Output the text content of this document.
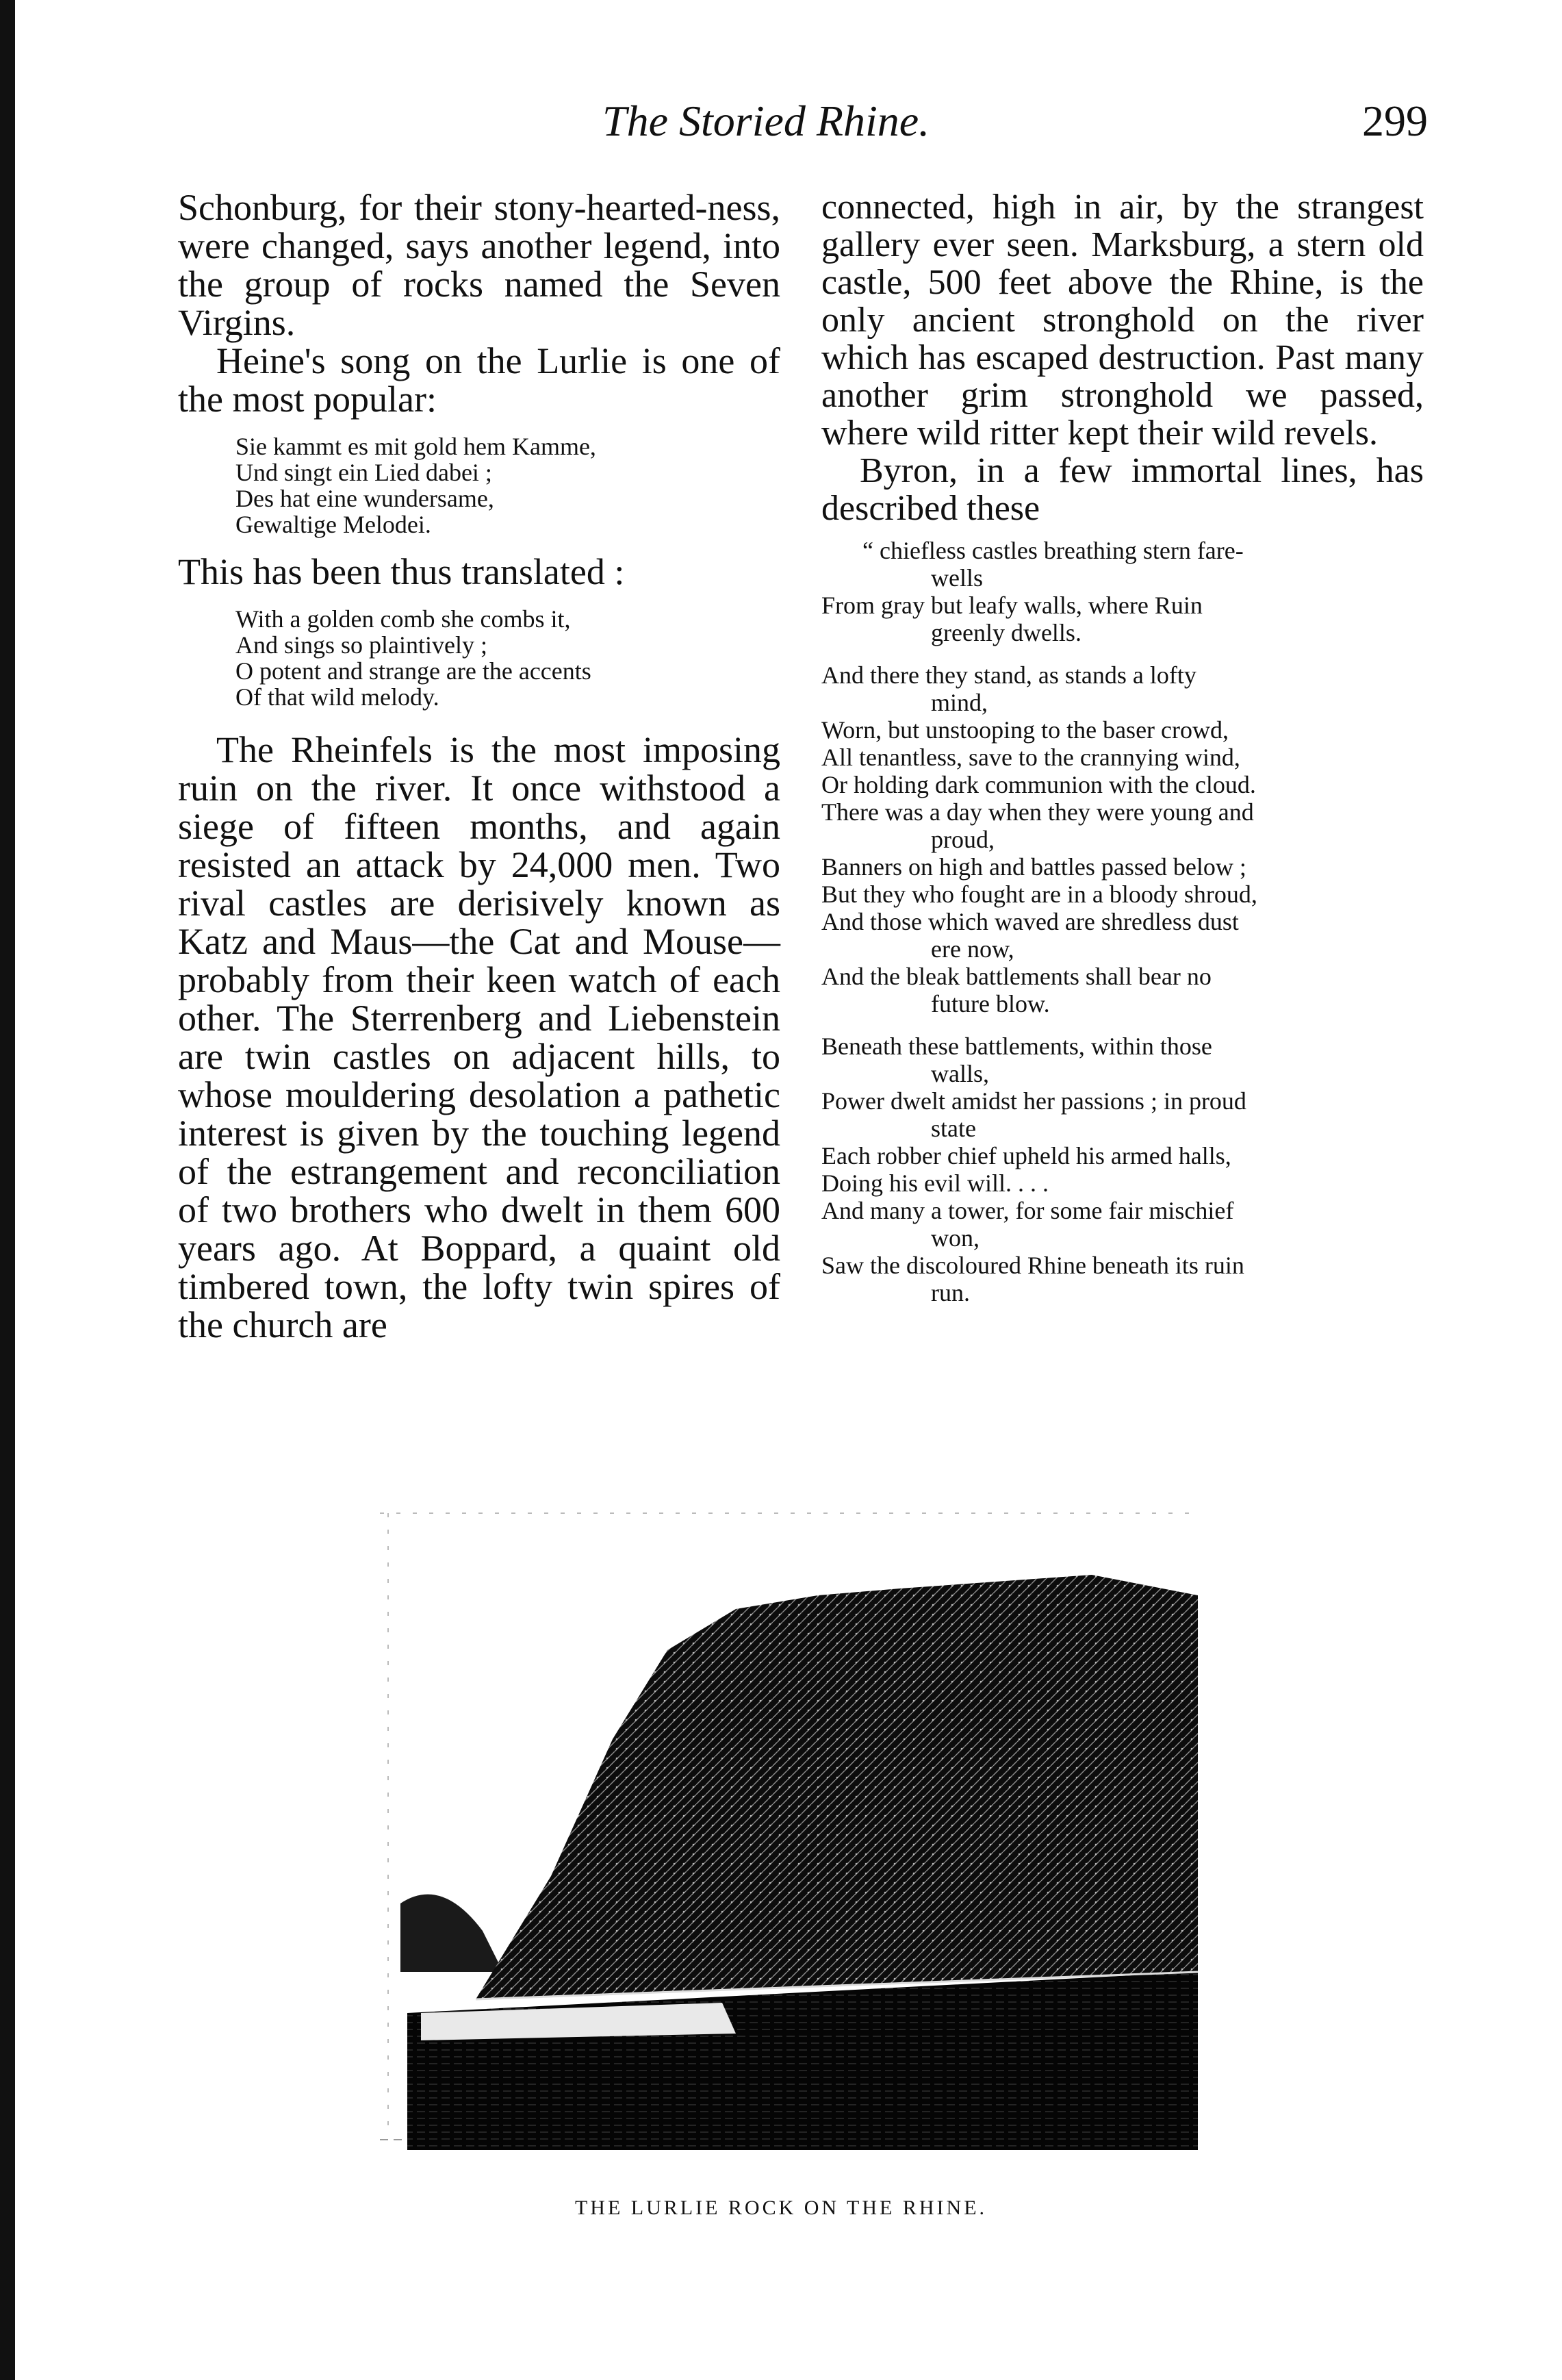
The Storied Rhine.	299

Schonburg, for their stony-hearted-ness, were changed, says another legend, into the group of rocks named the Seven Virgins.

Heine's song on the Lurlie is one of the most popular:

Sie kammt es mit gold hem Kamme,
Und singt ein Lied dabei ;
Des hat eine wundersame,
Gewaltige Melodei.

This has been thus translated :

With a golden comb she combs it,
And sings so plaintively ;
O potent and strange are the accents
Of that wild melody.

The Rheinfels is the most imposing ruin on the river. It once withstood a siege of fifteen months, and again resisted an attack by 24,000 men. Two rival castles are derisively known as Katz and Maus—the Cat and Mouse—probably from their keen watch of each other. The Sterrenberg and Liebenstein are twin castles on adjacent hills, to whose mouldering desolation a pathetic interest is given by the touching legend of the estrangement and reconciliation of two brothers who dwelt in them 600 years ago. At Boppard, a quaint old timbered town, the lofty twin spires of the church are

connected, high in air, by the strangest gallery ever seen. Marksburg, a stern old castle, 500 feet above the Rhine, is the only ancient stronghold on the river which has escaped destruction. Past many another grim stronghold we passed, where wild ritter kept their wild revels.

Byron, in a few immortal lines, has described these

“ chiefless castles breathing stern fare-
wells
From gray but leafy walls, where Ruin
greenly dwells.
And there they stand, as stands a lofty
mind,
Worn, but unstooping to the baser crowd,
All tenantless, save to the crannying wind,
Or holding dark communion with the cloud.
There was a day when they were young and
proud,
Banners on high and battles passed below ;
But they who fought are in a bloody shroud,
And those which waved are shredless dust
ere now,
And the bleak battlements shall bear no
future blow.
Beneath these battlements, within those
walls,
Power dwelt amidst her passions ; in proud
state
Each robber chief upheld his armed halls,
Doing his evil will. . . .
And many a tower, for some fair mischief
won,
Saw the discoloured Rhine beneath its ruin
run.
THE LURLIE ROCK ON THE RHINE.
